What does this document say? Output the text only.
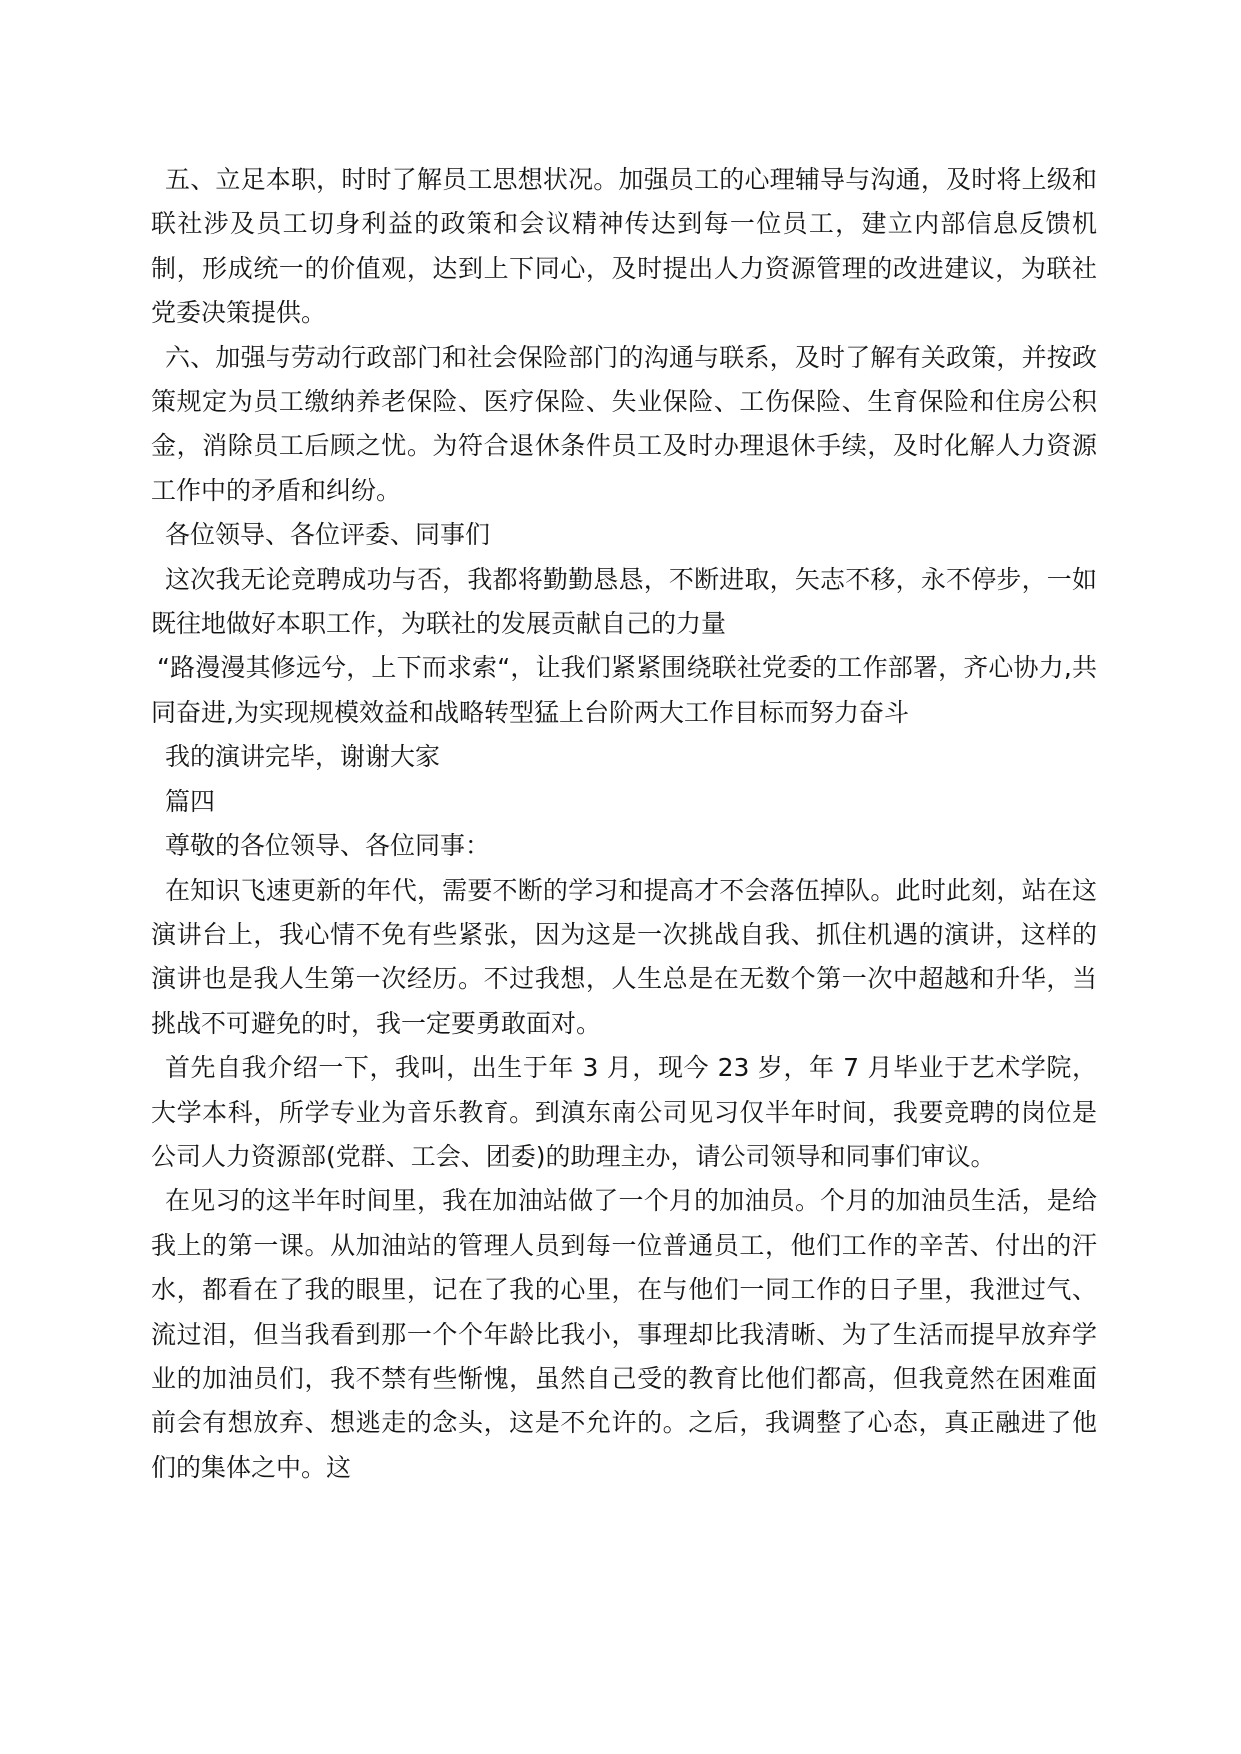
五、立足本职，时时了解员工思想状况。加强员工的心理辅导与沟通，及时将上级和联社涉及员工切身利益的政策和会议精神传达到每一位员工，建立内部信息反馈机制，形成统一的价值观，达到上下同心，及时提出人力资源管理的改进建议，为联社党委决策提供。

六、加强与劳动行政部门和社会保险部门的沟通与联系，及时了解有关政策，并按政策规定为员工缴纳养老保险、医疗保险、失业保险、工伤保险、生育保险和住房公积金，消除员工后顾之忧。为符合退休条件员工及时办理退休手续，及时化解人力资源工作中的矛盾和纠纷。

各位领导、各位评委、同事们

这次我无论竞聘成功与否，我都将勤勤恳恳，不断进取，矢志不移，永不停步，一如既往地做好本职工作，为联社的发展贡献自己的力量

“路漫漫其修远兮，上下而求索“，让我们紧紧围绕联社党委的工作部署，齐心协力,共同奋进,为实现规模效益和战略转型猛上台阶两大工作目标而努力奋斗

我的演讲完毕，谢谢大家

篇四

尊敬的各位领导、各位同事：

在知识飞速更新的年代，需要不断的学习和提高才不会落伍掉队。此时此刻，站在这演讲台上，我心情不免有些紧张，因为这是一次挑战自我、抓住机遇的演讲，这样的演讲也是我人生第一次经历。不过我想，人生总是在无数个第一次中超越和升华，当挑战不可避免的时，我一定要勇敢面对。

首先自我介绍一下，我叫，出生于年 3 月，现今 23 岁，年 7 月毕业于艺术学院，大学本科，所学专业为音乐教育。到滇东南公司见习仅半年时间，我要竞聘的岗位是公司人力资源部(党群、工会、团委)的助理主办，请公司领导和同事们审议。

在见习的这半年时间里，我在加油站做了一个月的加油员。个月的加油员生活，是给我上的第一课。从加油站的管理人员到每一位普通员工，他们工作的辛苦、付出的汗水，都看在了我的眼里，记在了我的心里，在与他们一同工作的日子里，我泄过气、流过泪，但当我看到那一个个年龄比我小，事理却比我清晰、为了生活而提早放弃学业的加油员们，我不禁有些惭愧，虽然自己受的教育比他们都高，但我竟然在困难面前会有想放弃、想逃走的念头，这是不允许的。之后，我调整了心态，真正融进了他们的集体之中。这
